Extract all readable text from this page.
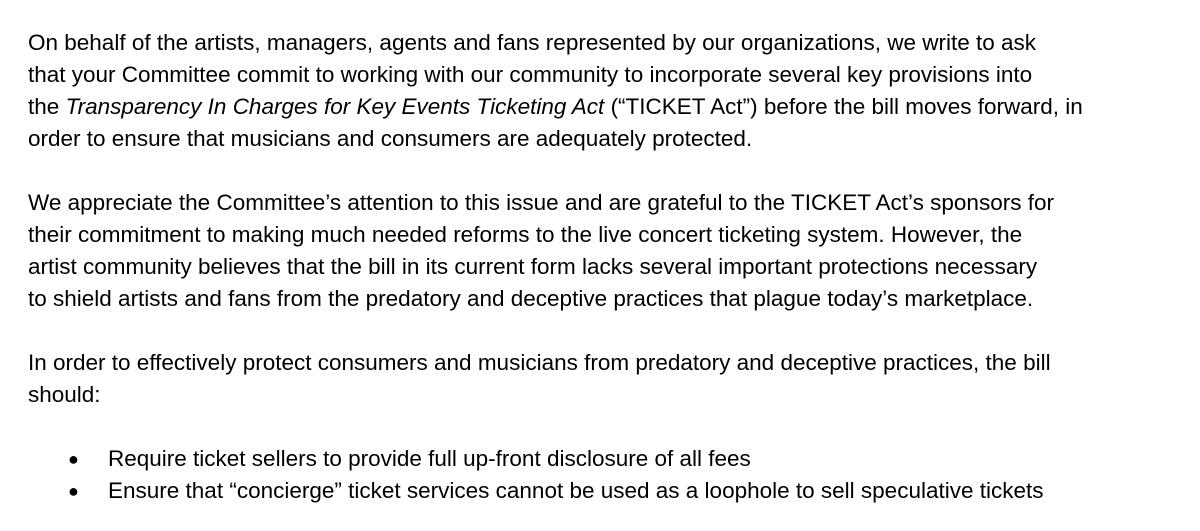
On behalf of the artists, managers, agents and fans represented by our organizations, we write to ask
that your Committee commit to working with our community to incorporate several key provisions into
the Transparency In Charges for Key Events Ticketing Act (“TICKET Act”) before the bill moves forward, in
order to ensure that musicians and consumers are adequately protected.

We appreciate the Committee’s attention to this issue and are grateful to the TICKET Act’s sponsors for
their commitment to making much needed reforms to the live concert ticketing system. However, the
artist community believes that the bill in its current form lacks several important protections necessary
to shield artists and fans from the predatory and deceptive practices that plague today’s marketplace.

In order to effectively protect consumers and musicians from predatory and deceptive practices, the bill
should:

● Require ticket sellers to provide full up-front disclosure of all fees
● Ensure that “concierge” ticket services cannot be used as a loophole to sell speculative tickets
